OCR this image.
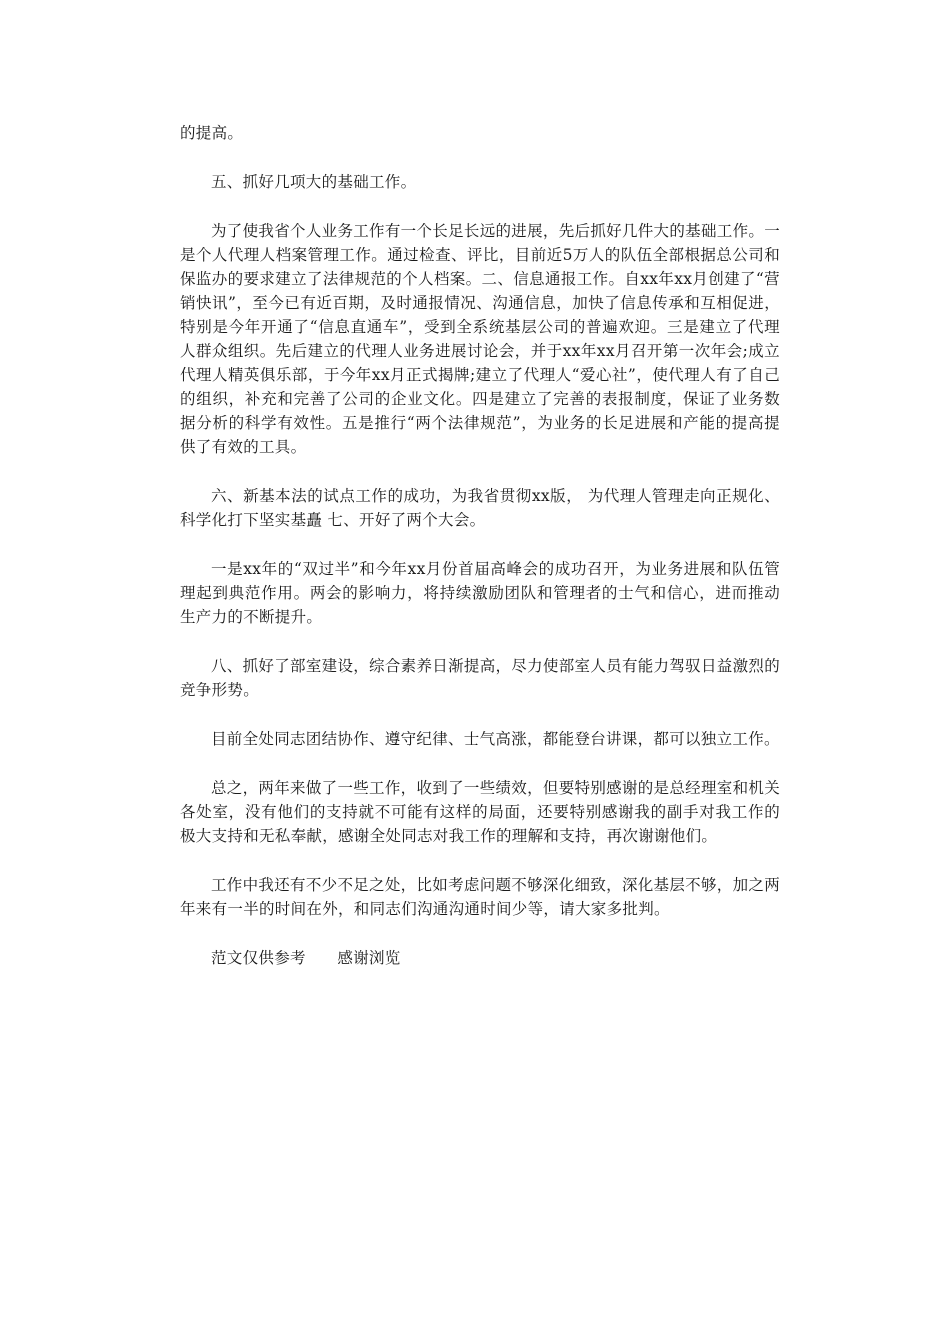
的提高。

五、抓好几项大的基础工作。

为了使我省个人业务工作有一个长足长远的进展，先后抓好几件大的基础工作。一是个人代理人档案管理工作。通过检查、评比，目前近5万人的队伍全部根据总公司和保监办的要求建立了法律规范的个人档案。二、信息通报工作。自xx年xx月创建了“营销快讯”，至今已有近百期，及时通报情况、沟通信息，加快了信息传承和互相促进，特别是今年开通了“信息直通车”，受到全系统基层公司的普遍欢迎。三是建立了代理人群众组织。先后建立的代理人业务进展讨论会，并于xx年xx月召开第一次年会;成立代理人精英俱乐部，于今年xx月正式揭牌;建立了代理人“爱心社”，使代理人有了自己的组织，补充和完善了公司的企业文化。四是建立了完善的表报制度，保证了业务数据分析的科学有效性。五是推行“两个法律规范”，为业务的长足进展和产能的提高提供了有效的工具。

六、新基本法的试点工作的成功，为我省贯彻xx版， 为代理人管理走向正规化、科学化打下坚实基矗 七、开好了两个大会。

一是xx年的“双过半”和今年xx月份首届高峰会的成功召开，为业务进展和队伍管理起到典范作用。两会的影响力，将持续激励团队和管理者的士气和信心，进而推动生产力的不断提升。

八、抓好了部室建设，综合素养日渐提高，尽力使部室人员有能力驾驭日益激烈的竞争形势。

目前全处同志团结协作、遵守纪律、士气高涨，都能登台讲课，都可以独立工作。

总之，两年来做了一些工作，收到了一些绩效，但要特别感谢的是总经理室和机关各处室，没有他们的支持就不可能有这样的局面，还要特别感谢我的副手对我工作的极大支持和无私奉献，感谢全处同志对我工作的理解和支持，再次谢谢他们。

工作中我还有不少不足之处，比如考虑问题不够深化细致，深化基层不够，加之两年来有一半的时间在外，和同志们沟通沟通时间少等，请大家多批判。

范文仅供参考　　感谢浏览
